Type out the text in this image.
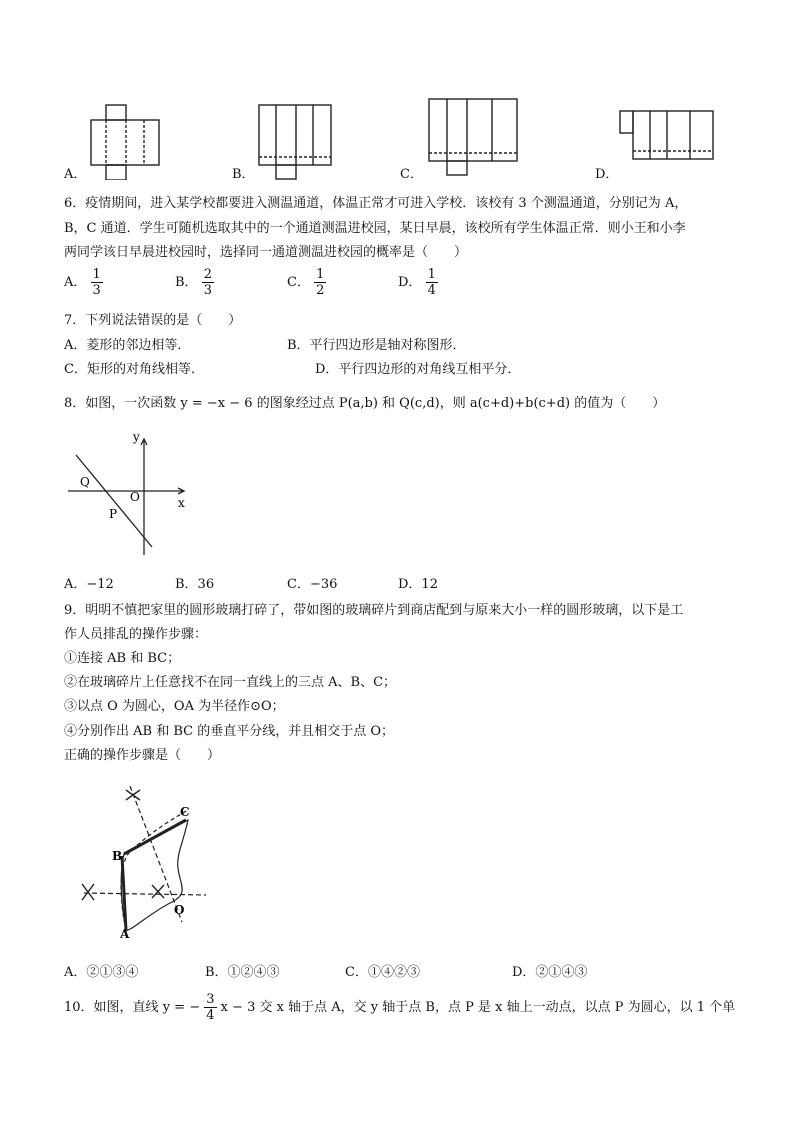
A．	B．	C．	D．
6．疫情期间，进入某学校都要进入测温通道，体温正常才可进入学校．该校有 3 个测温通道，分别记为 A，
B，C 通道．学生可随机选取其中的一个通道测温进校园，某日早晨，该校所有学生体温正常．则小王和小李
两同学该日早晨进校园时，选择同一通道测温进校园的概率是（　　）
A． $\frac{1}{3}$	B． $\frac{2}{3}$	C． $\frac{1}{2}$	D． $\frac{1}{4}$
7．下列说法错误的是（　　）
A．菱形的邻边相等．	B．平行四边形是轴对称图形．
C．矩形的对角线相等．	D．平行四边形的对角线互相平分．
8．如图，一次函数 y = −x − 6 的图象经过点 P(a,b) 和 Q(c,d)，则 a(c+d)+b(c+d) 的值为（　　）
y
x
O
Q
P
A．−12	B．36	C．−36	D．12
9．明明不慎把家里的圆形玻璃打碎了，带如图的玻璃碎片到商店配到与原来大小一样的圆形玻璃，以下是工
作人员排乱的操作步骤：
①连接 AB 和 BC；
②在玻璃碎片上任意找不在同一直线上的三点 A、B、C；
③以点 O 为圆心，OA 为半径作⊙O；
④分别作出 AB 和 BC 的垂直平分线，并且相交于点 O；
正确的操作步骤是（　　）
A
B
C
O
A．②①③④	B．①②④③	C．①④②③	D．②①④③
10．如图，直线 y = − $\frac{3}{4}$ x − 3 交 x 轴于点 A，交 y 轴于点 B，点 P 是 x 轴上一动点，以点 P 为圆心，以 1 个单
